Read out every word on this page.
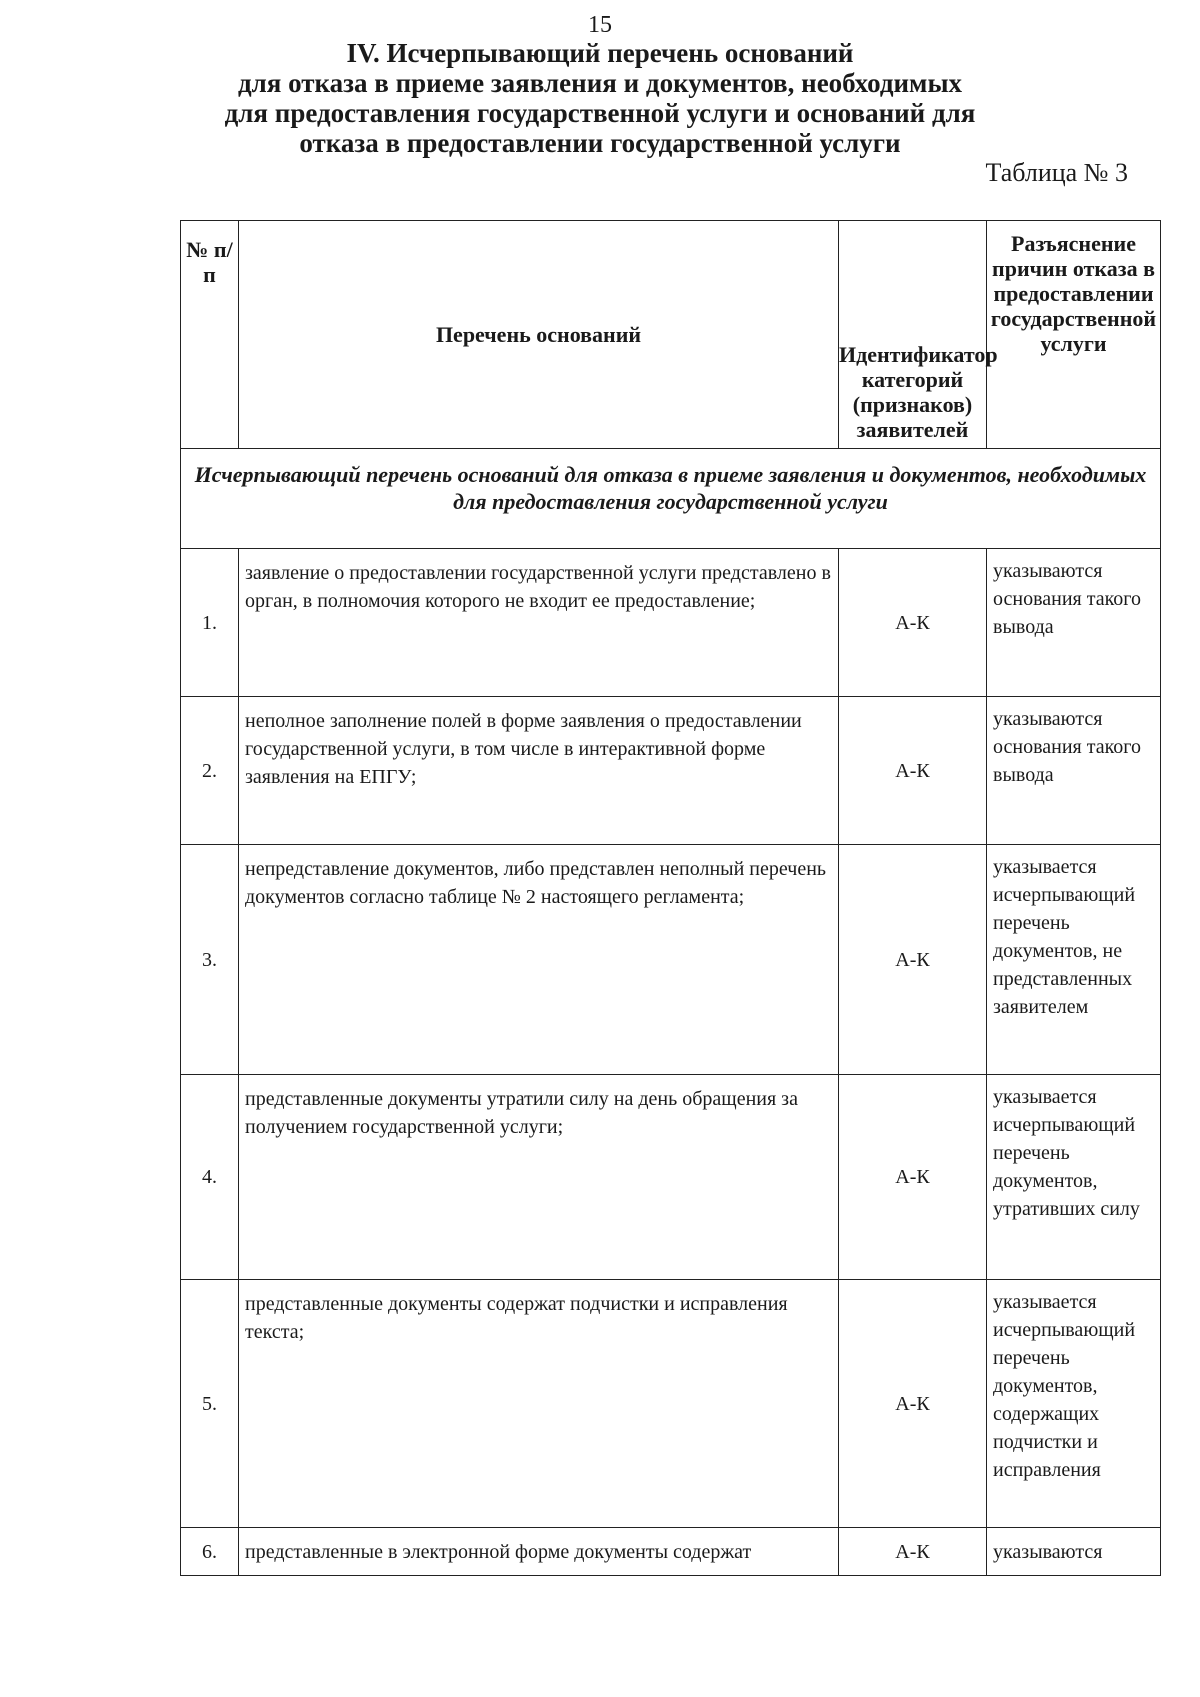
15
IV. Исчерпывающий перечень оснований
для отказа в приеме заявления и документов, необходимых
для предоставления государственной услуги и оснований для
отказа в предоставлении государственной услуги
Таблица № 3
№ п/п	Перечень оснований	Идентификатор категорий (признаков) заявителей	Разъяснение причин отказа в предоставлении государственной услуги
Исчерпывающий перечень оснований для отказа в приеме заявления и документов, необходимых для предоставления государственной услуги			
1.	заявление о предоставлении государственной услуги представлено в орган, в полномочия которого не входит ее предоставление;	А-К	указываются основания такого вывода
2.	неполное заполнение полей в форме заявления о предоставлении государственной услуги, в том числе в интерактивной форме заявления на ЕПГУ;	А-К	указываются основания такого вывода
3.	непредставление документов, либо представлен неполный перечень документов согласно таблице № 2 настоящего регламента;	А-К	указывается исчерпывающий перечень документов, не представленных заявителем
4.	представленные документы утратили силу на день обращения за получением государственной услуги;	А-К	указывается исчерпывающий перечень документов, утративших силу
5.	представленные документы содержат подчистки и исправления текста;	А-К	указывается исчерпывающий перечень документов, содержащих подчистки и исправления
6.	представленные в электронной форме документы содержат	А-К	указываются
